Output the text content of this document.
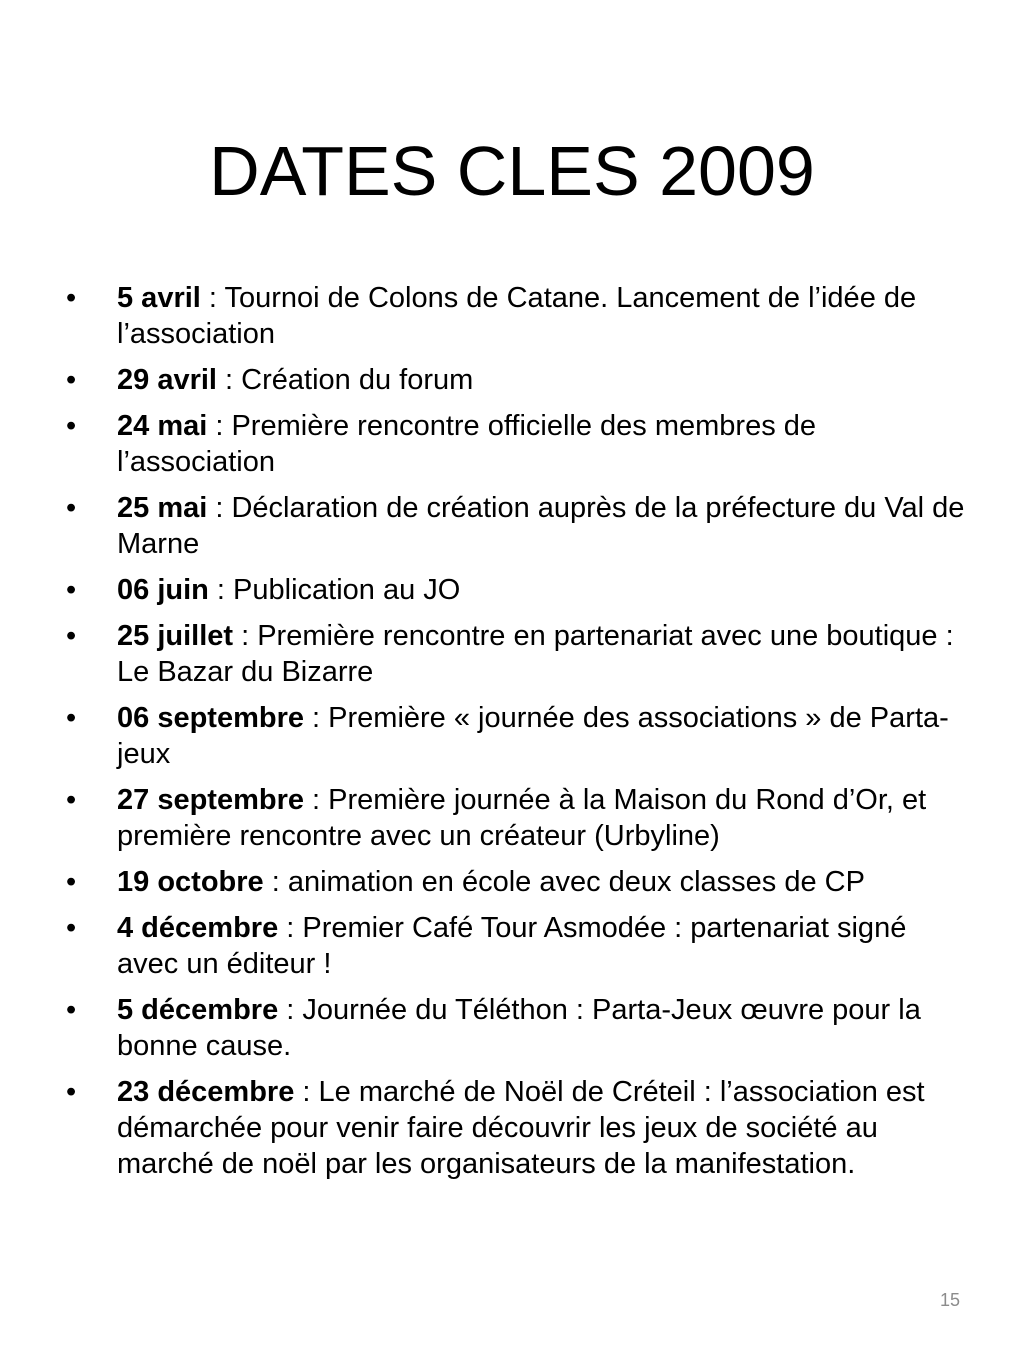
DATES CLES 2009
•	5 avril : Tournoi de Colons de Catane. Lancement de l’idée de l’association
•	29 avril : Création du forum
•	24 mai : Première rencontre officielle des membres de l’association
•	25 mai : Déclaration de création auprès de la préfecture du Val de Marne
•	06 juin : Publication au JO
•	25 juillet : Première rencontre en partenariat avec une boutique : Le Bazar du Bizarre
•	06 septembre : Première « journée des associations » de Parta-jeux
•	27 septembre : Première journée à la Maison du Rond d’Or, et première rencontre avec un créateur (Urbyline)
•	19 octobre : animation en école avec deux classes de CP
•	4 décembre : Premier Café Tour Asmodée : partenariat signé avec un éditeur !
•	5 décembre : Journée du Téléthon : Parta-Jeux œuvre pour la bonne cause.
•	23 décembre : Le marché de Noël de Créteil : l’association est démarchée pour venir faire découvrir les jeux de société au marché de noël par les organisateurs de la manifestation.
15
